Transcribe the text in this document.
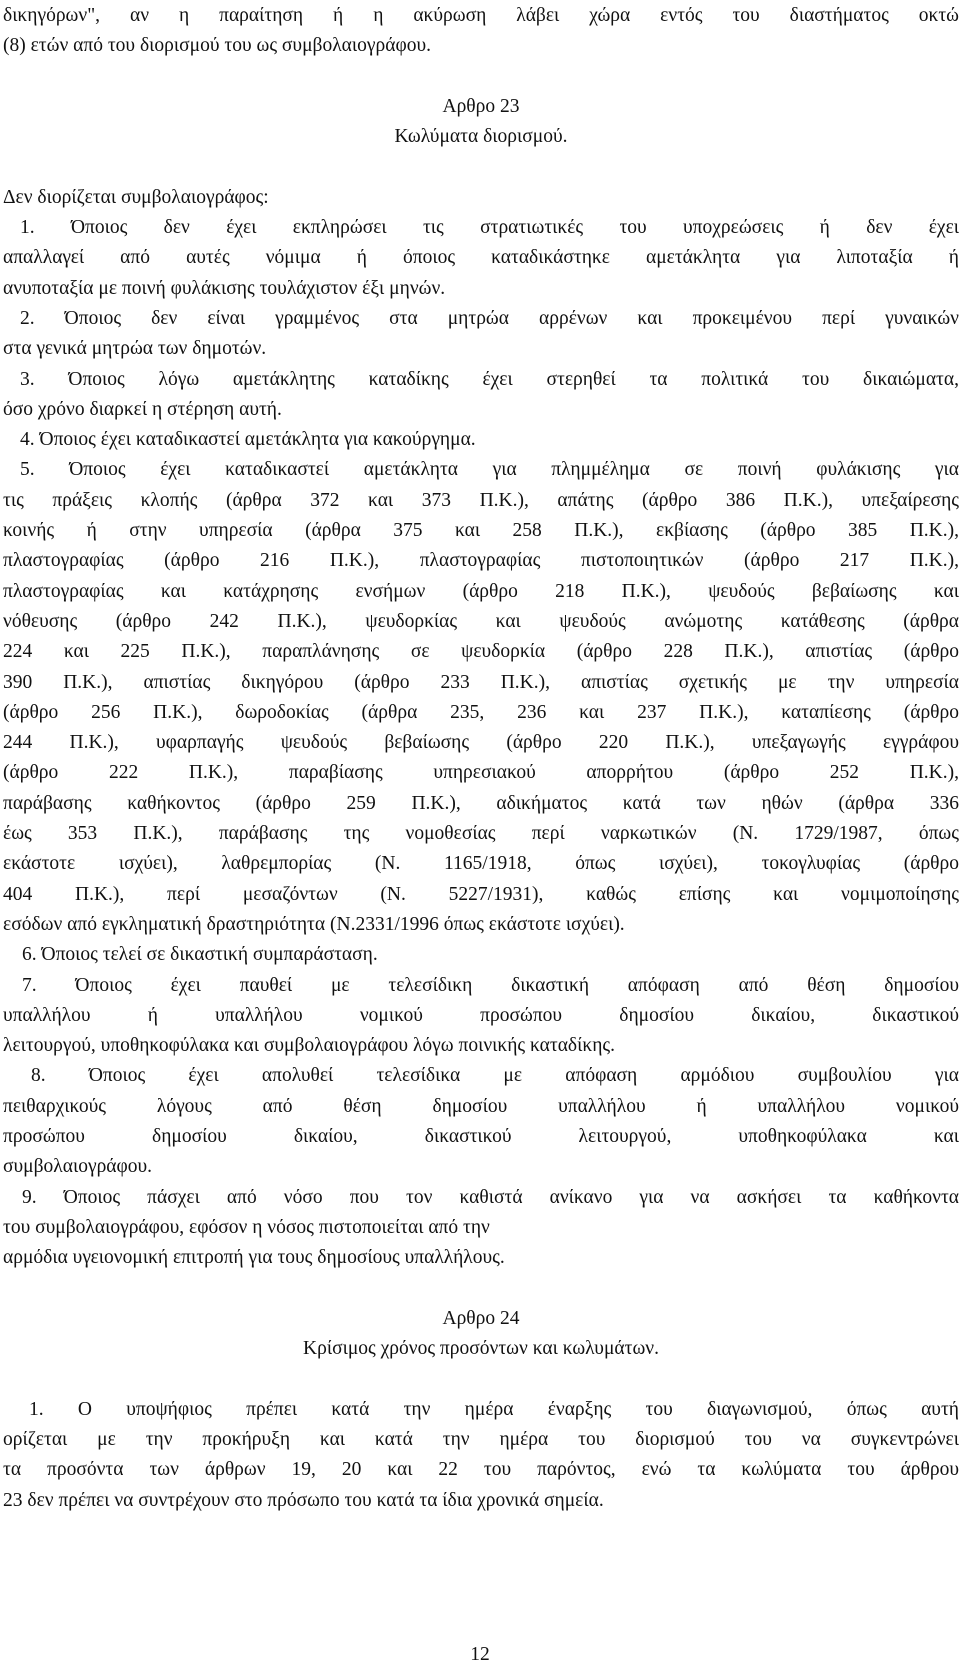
δικηγόρων", αν η παραίτηση ή η ακύρωση λάβει χώρα εντός του διαστήματος οκτώ
(8) ετών από του διορισμού του ως συμβολαιογράφου.
Αρθρο 23
Κωλύματα διορισμού.
Δεν διορίζεται συμβολαιογράφος:
1. Όποιος δεν έχει εκπληρώσει τις στρατιωτικές του υποχρεώσεις ή δεν έχει
απαλλαγεί από αυτές νόμιμα ή όποιος καταδικάστηκε αμετάκλητα για λιποταξία ή
ανυποταξία με ποινή φυλάκισης τουλάχιστον έξι μηνών.
2. Όποιος δεν είναι γραμμένος στα μητρώα αρρένων και προκειμένου περί γυναικών
στα γενικά μητρώα των δημοτών.
3. Όποιος λόγω αμετάκλητης καταδίκης έχει στερηθεί τα πολιτικά του δικαιώματα,
όσο χρόνο διαρκεί η στέρηση αυτή.
4. Όποιος έχει καταδικαστεί αμετάκλητα για κακούργημα.
5. Όποιος έχει καταδικαστεί αμετάκλητα για πλημμέλημα σε ποινή φυλάκισης για
τις πράξεις κλοπής (άρθρα 372 και 373 Π.Κ.), απάτης (άρθρο 386 Π.Κ.), υπεξαίρεσης
κοινής ή στην υπηρεσία (άρθρα 375 και 258 Π.Κ.), εκβίασης (άρθρο 385 Π.Κ.),
πλαστογραφίας (άρθρο 216 Π.Κ.), πλαστογραφίας πιστοποιητικών (άρθρο 217 Π.Κ.),
πλαστογραφίας και κατάχρησης ενσήμων (άρθρο 218 Π.Κ.), ψευδούς βεβαίωσης και
νόθευσης (άρθρο 242 Π.Κ.), ψευδορκίας και ψευδούς ανώμοτης κατάθεσης (άρθρα
224 και 225 Π.Κ.), παραπλάνησης σε ψευδορκία (άρθρο 228 Π.Κ.), απιστίας (άρθρο
390 Π.Κ.), απιστίας δικηγόρου (άρθρο 233 Π.Κ.), απιστίας σχετικής με την υπηρεσία
(άρθρο 256 Π.Κ.), δωροδοκίας (άρθρα 235, 236 και 237 Π.Κ.), καταπίεσης (άρθρο
244 Π.Κ.), υφαρπαγής ψευδούς βεβαίωσης (άρθρο 220 Π.Κ.), υπεξαγωγής εγγράφου
(άρθρο 222 Π.Κ.), παραβίασης υπηρεσιακού απορρήτου (άρθρο 252 Π.Κ.),
παράβασης καθήκοντος (άρθρο 259 Π.Κ.), αδικήματος κατά των ηθών (άρθρα 336
έως 353 Π.Κ.), παράβασης της νομοθεσίας περί ναρκωτικών (Ν. 1729/1987, όπως
εκάστοτε ισχύει), λαθρεμπορίας (Ν. 1165/1918, όπως ισχύει), τοκογλυφίας (άρθρο
404 Π.Κ.), περί μεσαζόντων (Ν. 5227/1931), καθώς επίσης και νομιμοποίησης
εσόδων από εγκληματική δραστηριότητα (Ν.2331/1996 όπως εκάστοτε ισχύει).
6. Όποιος τελεί σε δικαστική συμπαράσταση.
7. Όποιος έχει παυθεί με τελεσίδικη δικαστική απόφαση από θέση δημοσίου
υπαλλήλου ή υπαλλήλου νομικού προσώπου δημοσίου δικαίου, δικαστικού
λειτουργού, υποθηκοφύλακα και συμβολαιογράφου λόγω ποινικής καταδίκης.
8. Όποιος έχει απολυθεί τελεσίδικα με απόφαση αρμόδιου συμβουλίου για
πειθαρχικούς λόγους από θέση δημοσίου υπαλλήλου ή υπαλλήλου νομικού
προσώπου δημοσίου δικαίου, δικαστικού λειτουργού, υποθηκοφύλακα και
συμβολαιογράφου.
9. Όποιος πάσχει από νόσο που τον καθιστά ανίκανο για να ασκήσει τα καθήκοντα
του συμβολαιογράφου, εφόσον η νόσος πιστοποιείται από την
αρμόδια υγειονομική επιτροπή για τους δημοσίους υπαλλήλους.
Αρθρο 24
Κρίσιμος χρόνος προσόντων και κωλυμάτων.
1. Ο υποψήφιος πρέπει κατά την ημέρα έναρξης του διαγωνισμού, όπως αυτή
ορίζεται με την προκήρυξη και κατά την ημέρα του διορισμού του να συγκεντρώνει
τα προσόντα των άρθρων 19, 20 και 22 του παρόντος, ενώ τα κωλύματα του άρθρου
23 δεν πρέπει να συντρέχουν στο πρόσωπο του κατά τα ίδια χρονικά σημεία.
12
